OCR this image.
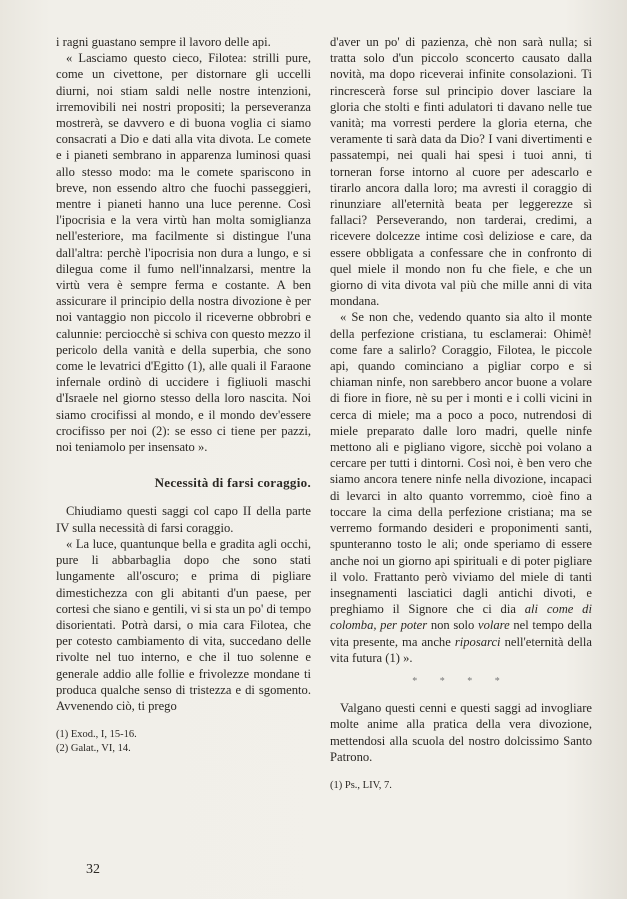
i ragni guastano sempre il lavoro delle api.

« Lasciamo questo cieco, Filotea: strilli pure, come un civettone, per distornare gli uccelli diurni, noi stiam saldi nelle nostre intenzioni, irremovibili nei nostri propositi; la perseveranza mostrerà, se davvero e di buona voglia ci siamo consacrati a Dio e dati alla vita divota. Le comete e i pianeti sembrano in apparenza luminosi quasi allo stesso modo: ma le comete spariscono in breve, non essendo altro che fuochi passeggieri, mentre i pianeti hanno una luce perenne. Così l'ipocrisia e la vera virtù han molta somiglianza nell'esteriore, ma facilmente si distingue l'una dall'altra: perchè l'ipocrisia non dura a lungo, e si dilegua come il fumo nell'innalzarsi, mentre la virtù vera è sempre ferma e costante. A ben assicurare il principio della nostra divozione è per noi vantaggio non piccolo il riceverne obbrobri e calunnie: perciocchè si schiva con questo mezzo il pericolo della vanità e della superbia, che sono come le levatrici d'Egitto (1), alle quali il Faraone infernale ordinò di uccidere i figliuoli maschi d'Israele nel giorno stesso della loro nascita. Noi siamo crocifissi al mondo, e il mondo dev'essere crocifisso per noi (2): se esso ci tiene per pazzi, noi teniamolo per insensato ».

Necessità di farsi coraggio.

Chiudiamo questi saggi col capo II della parte IV sulla necessità di farsi coraggio.

« La luce, quantunque bella e gradita agli occhi, pure li abbarbaglia dopo che sono stati lungamente all'oscuro; e prima di pigliare dimestichezza con gli abitanti d'un paese, per cortesi che siano e gentili, vi si sta un po' di tempo disorientati. Potrà darsi, o mia cara Filotea, che per cotesto cambiamento di vita, succedano delle rivolte nel tuo interno, e che il tuo solenne e generale addio alle follie e frivolezze mondane ti produca qualche senso di tristezza e di sgomento. Avvenendo ciò, ti prego

(1) Exod., I, 15-16.

(2) Galat., VI, 14.

d'aver un po' di pazienza, chè non sarà nulla; si tratta solo d'un piccolo sconcerto causato dalla novità, ma dopo riceverai infinite consolazioni. Ti rincrescerà forse sul principio dover lasciare la gloria che stolti e finti adulatori ti davano nelle tue vanità; ma vorresti perdere la gloria eterna, che veramente ti sarà data da Dio? I vani divertimenti e passatempi, nei quali hai spesi i tuoi anni, ti torneran forse intorno al cuore per adescarlo e tirarlo ancora dalla loro; ma avresti il coraggio di rinunziare all'eternità beata per leggerezze sì fallaci? Perseverando, non tarderai, credimi, a ricevere dolcezze intime così deliziose e care, da essere obbligata a confessare che in confronto di quel miele il mondo non fu che fiele, e che un giorno di vita divota val più che mille anni di vita mondana.

« Se non che, vedendo quanto sia alto il monte della perfezione cristiana, tu esclamerai: Ohimè! come fare a salirlo? Coraggio, Filotea, le piccole api, quando cominciano a pigliar corpo e si chiaman ninfe, non sarebbero ancor buone a volare di fiore in fiore, nè su per i monti e i colli vicini in cerca di miele; ma a poco a poco, nutrendosi di miele preparato dalle loro madri, quelle ninfe mettono ali e pigliano vigore, sicchè poi volano a cercare per tutti i dintorni. Così noi, è ben vero che siamo ancora tenere ninfe nella divozione, incapaci di levarci in alto quanto vorremmo, cioè fino a toccare la cima della perfezione cristiana; ma se verremo formando desideri e proponimenti santi, spunteranno tosto le ali; onde speriamo di essere anche noi un giorno api spirituali e di poter pigliare il volo. Frattanto però viviamo del miele di tanti insegnamenti lasciatici dagli antichi divoti, e preghiamo il Signore che ci dia ali come di colomba, per poter non solo volare nel tempo della vita presente, ma anche riposarci nell'eternità della vita futura (1) ».

* * * *

Valgano questi cenni e questi saggi ad invogliare molte anime alla pratica della vera divozione, mettendosi alla scuola del nostro dolcissimo Santo Patrono.

(1) Ps., LIV, 7.

32
